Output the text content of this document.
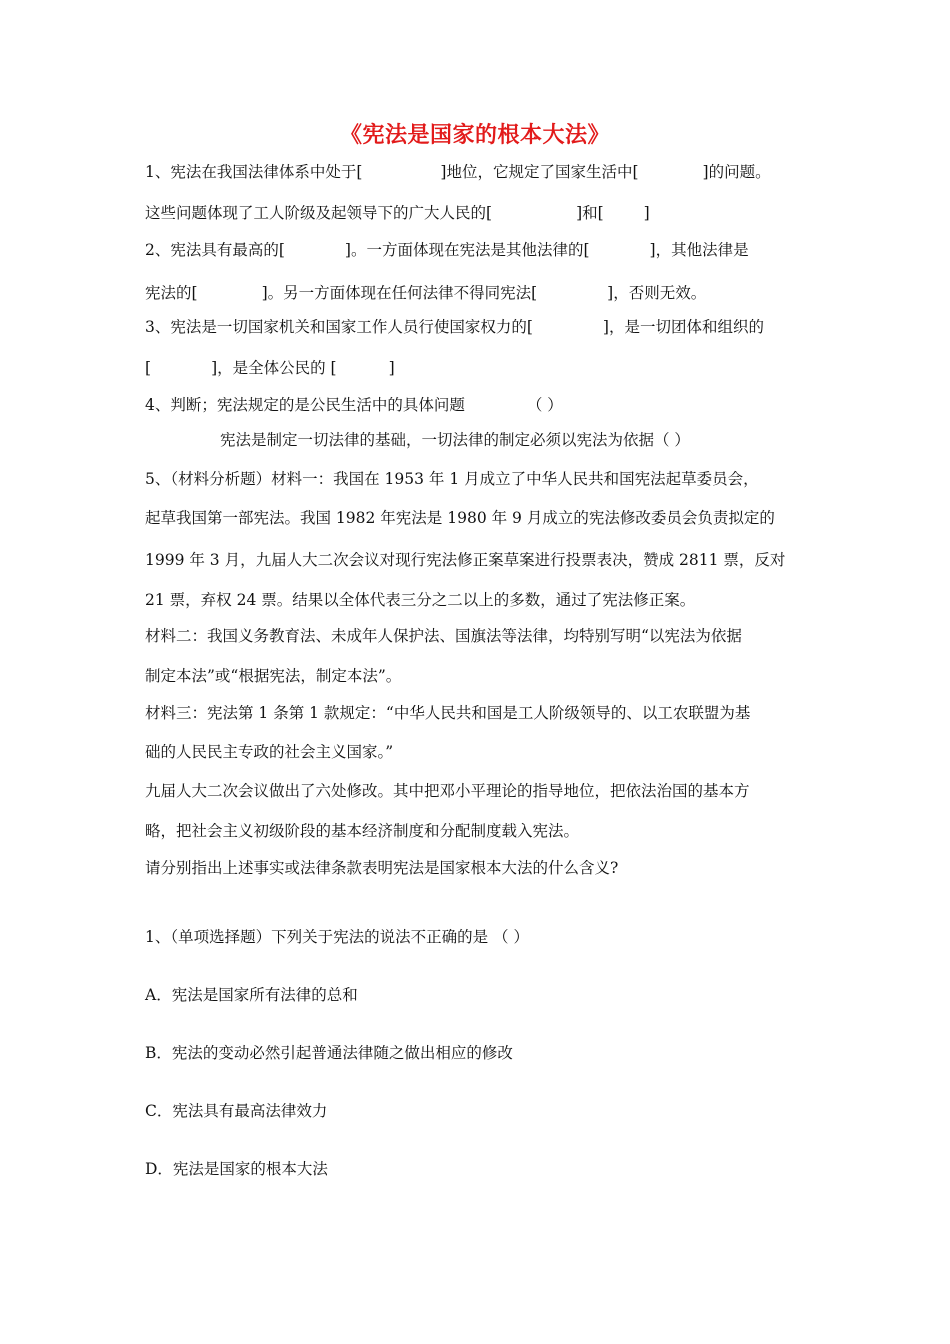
《宪法是国家的根本大法》
1、宪法在我国法律体系中处于[	]地位，它规定了国家生活中[	]的问题。
这些问题体现了工人阶级及起领导下的广大人民的[	]和[	]
2、宪法具有最高的[	]。一方面体现在宪法是其他法律的[	]，其他法律是
宪法的[	]。另一方面体现在任何法律不得同宪法[	]，否则无效。
3、宪法是一切国家机关和国家工作人员行使国家权力的[	]，是一切团体和组织的
[	]，是全体公民的 [	]
4、判断；宪法规定的是公民生活中的具体问题	（ ）
宪法是制定一切法律的基础，一切法律的制定必须以宪法为依据（ ）
5、（材料分析题）材料一：我国在 1953 年 1 月成立了中华人民共和国宪法起草委员会，
起草我国第一部宪法。我国 1982 年宪法是 1980 年 9 月成立的宪法修改委员会负责拟定的
1999 年 3 月，九届人大二次会议对现行宪法修正案草案进行投票表决，赞成 2811 票，反对
21 票，弃权 24 票。结果以全体代表三分之二以上的多数，通过了宪法修正案。
材料二：我国义务教育法、未成年人保护法、国旗法等法律，均特别写明“以宪法为依据
制定本法”或“根据宪法，制定本法”。
材料三：宪法第 1 条第 1 款规定：“中华人民共和国是工人阶级领导的、以工农联盟为基
础的人民民主专政的社会主义国家。”
九届人大二次会议做出了六处修改。其中把邓小平理论的指导地位，把依法治国的基本方
略，把社会主义初级阶段的基本经济制度和分配制度载入宪法。
请分别指出上述事实或法律条款表明宪法是国家根本大法的什么含义?
1、（单项选择题）下列关于宪法的说法不正确的是 （ ）
A．宪法是国家所有法律的总和
B．宪法的变动必然引起普通法律随之做出相应的修改
C．宪法具有最高法律效力
D．宪法是国家的根本大法
